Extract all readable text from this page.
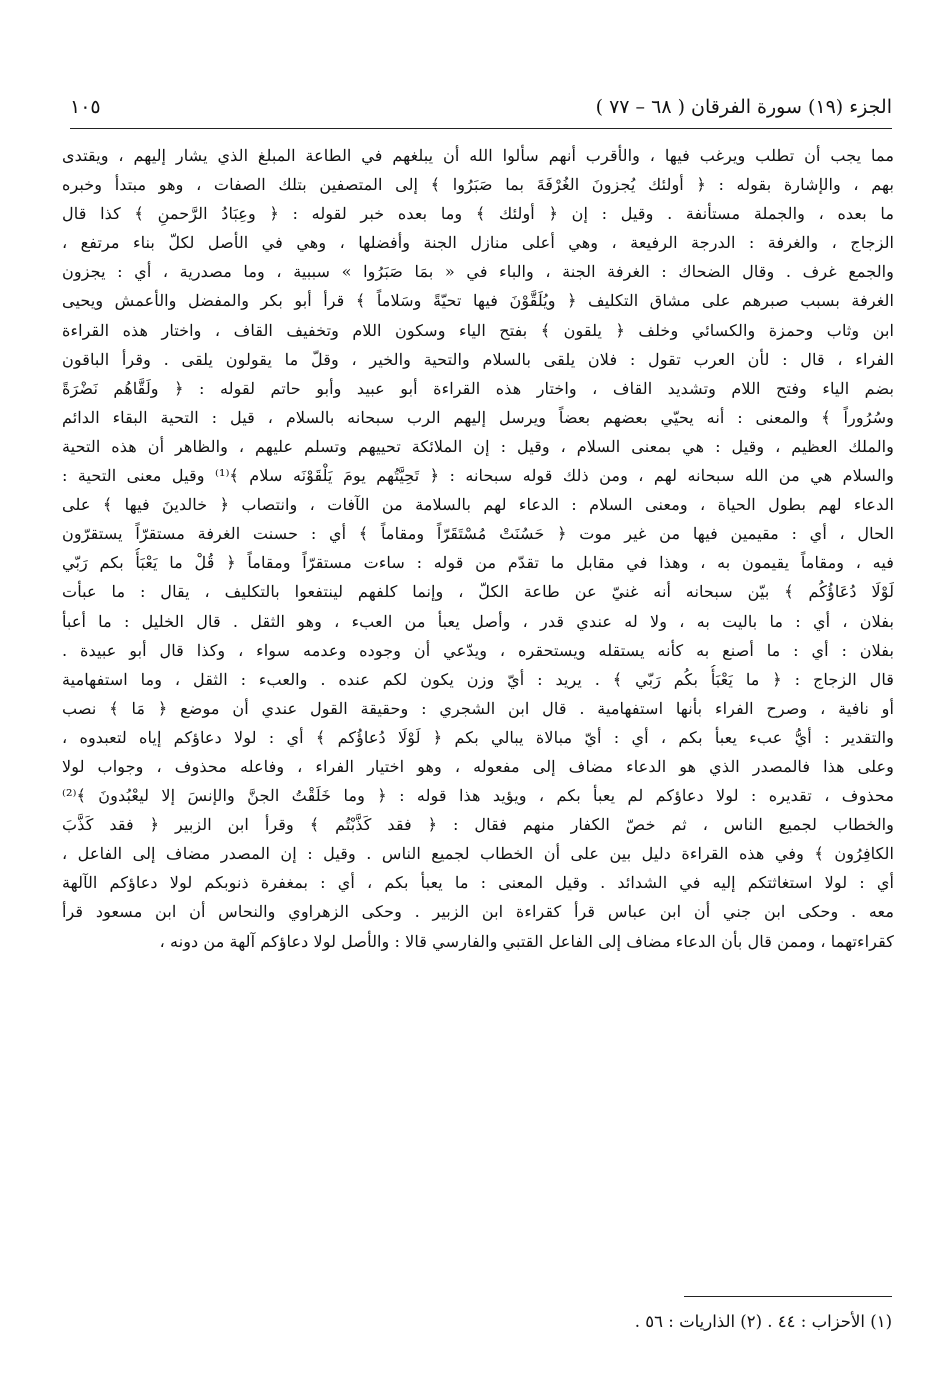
الجزء (١٩) سورة الفرقان ( ٦٨ – ٧٧ )
١٠٥
مما يجب أن تطلب ويرغب فيها ، والأقرب أنهم سألوا الله أن يبلغهم في الطاعة المبلغ الذي يشار إليهم ، ويقتدى
بهم ، والإشارة بقوله : ﴿ أولئك يُجزونَ الغُرْفَةَ بما صَبَرُوا ﴾ إلى المتصفين بتلك الصفات ، وهو مبتدأ وخبره
ما بعده ، والجملة مستأنفة . وقيل : إن ﴿ أولئك ﴾ وما بعده خبر لقوله : ﴿ وعِبَادُ الرَّحمنِ ﴾ كذا قال
الزجاج ، والغرفة : الدرجة الرفيعة ، وهي أعلى منازل الجنة وأفضلها ، وهي في الأصل لكلّ بناء مرتفع ،
والجمع غرف . وقال الضحاك : الغرفة الجنة ، والباء في « بمَا صَبَرُوا » سببية ، وما مصدرية ، أي : يجزون
الغرفة بسبب صبرهم على مشاق التكليف ﴿ ويُلَقَّوْنَ فيها تحيّةً وسَلاماً ﴾ قرأ أبو بكر والمفضل والأعمش ويحيى
ابن وثاب وحمزة والكسائي وخلف ﴿ يلقون ﴾ بفتح الياء وسكون اللام وتخفيف القاف ، واختار هذه القراءة
الفراء ، قال : لأن العرب تقول : فلان يلقى بالسلام والتحية والخير ، وقلّ ما يقولون يلقى . وقرأ الباقون
بضم الياء وفتح اللام وتشديد القاف ، واختار هذه القراءة أبو عبيد وأبو حاتم لقوله : ﴿ ولَقَّاهُم نَضْرَةً
وسُرُوراً ﴾ والمعنى : أنه يحيّي بعضهم بعضاً ويرسل إليهم الرب سبحانه بالسلام ، قيل : التحية البقاء الدائم
والملك العظيم ، وقيل : هي بمعنى السلام ، وقيل : إن الملائكة تحييهم وتسلم عليهم ، والظاهر أن هذه التحية
والسلام هي من الله سبحانه لهم ، ومن ذلك قوله سبحانه : ﴿ تَحِيَّتُهم يومَ يَلْقَوْنَه سلام ﴾⁽¹⁾ وقيل معنى التحية :
الدعاء لهم بطول الحياة ، ومعنى السلام : الدعاء لهم بالسلامة من الآفات ، وانتصاب ﴿ خالدينَ فيها ﴾ على
الحال ، أي : مقيمين فيها من غير موت ﴿ حَسُنَتْ مُسْتَقَرّاً ومقاماً ﴾ أي : حسنت الغرفة مستقرّاً يستقرّون
فيه ، ومقاماً يقيمون به ، وهذا في مقابل ما تقدّم من قوله : ساءت مستقرّاً ومقاماً ﴿ قُلْ ما يَعْبَأُ بكم رَبّي
لَوْلَا دُعَاؤُكُم ﴾ بيّن سبحانه أنه غنيّ عن طاعة الكلّ ، وإنما كلفهم لينتفعوا بالتكليف ، يقال : ما عبأت
بفلان ، أي : ما باليت به ، ولا له عندي قدر ، وأصل يعبأ من العبء ، وهو الثقل . قال الخليل : ما أعبأ
بفلان : أي : ما أصنع به كأنه يستقله ويستحقره ، ويدّعي أن وجوده وعدمه سواء ، وكذا قال أبو عبيدة .
قال الزجاج : ﴿ ما يَعْبَأُ بكُم رَبّي ﴾ . يريد : أيّ وزن يكون لكم عنده . والعبء : الثقل ، وما استفهامية
أو نافية ، وصرح الفراء بأنها استفهامية . قال ابن الشجري : وحقيقة القول عندي أن موضع ﴿ مَا ﴾ نصب
والتقدير : أيُّ عبء يعبأ بكم ، أي : أيّ مبالاة يبالي بكم ﴿ لَوْلَا دُعاؤُكم ﴾ أي : لولا دعاؤكم إياه لتعبدوه ،
وعلى هذا فالمصدر الذي هو الدعاء مضاف إلى مفعوله ، وهو اختيار الفراء ، وفاعله محذوف ، وجواب لولا
محذوف ، تقديره : لولا دعاؤكم لم يعبأ بكم ، ويؤيد هذا قوله : ﴿ وما خَلَقْتُ الجنَّ والإنسَ إلا ليعْبُدونَ ﴾⁽²⁾
والخطاب لجميع الناس ، ثم خصّ الكفار منهم فقال : ﴿ فقد كَذَّبْتُم ﴾ وقرأ ابن الزبير ﴿ فقد كَذَّبَ
الكافِرُون ﴾ وفي هذه القراءة دليل بين على أن الخطاب لجميع الناس . وقيل : إن المصدر مضاف إلى الفاعل ،
أي : لولا استغاثتكم إليه في الشدائد . وقيل المعنى : ما يعبأ بكم ، أي : بمغفرة ذنوبكم لولا دعاؤكم الآلهة
معه . وحكى ابن جني أن ابن عباس قرأ كقراءة ابن الزبير . وحكى الزهراوي والنحاس أن ابن مسعود قرأ
كقراءتهما ، وممن قال بأن الدعاء مضاف إلى الفاعل القتبي والفارسي قالا : والأصل لولا دعاؤكم آلهة من دونه ،
(١) الأحزاب : ٤٤ . (٢) الذاريات : ٥٦ .
